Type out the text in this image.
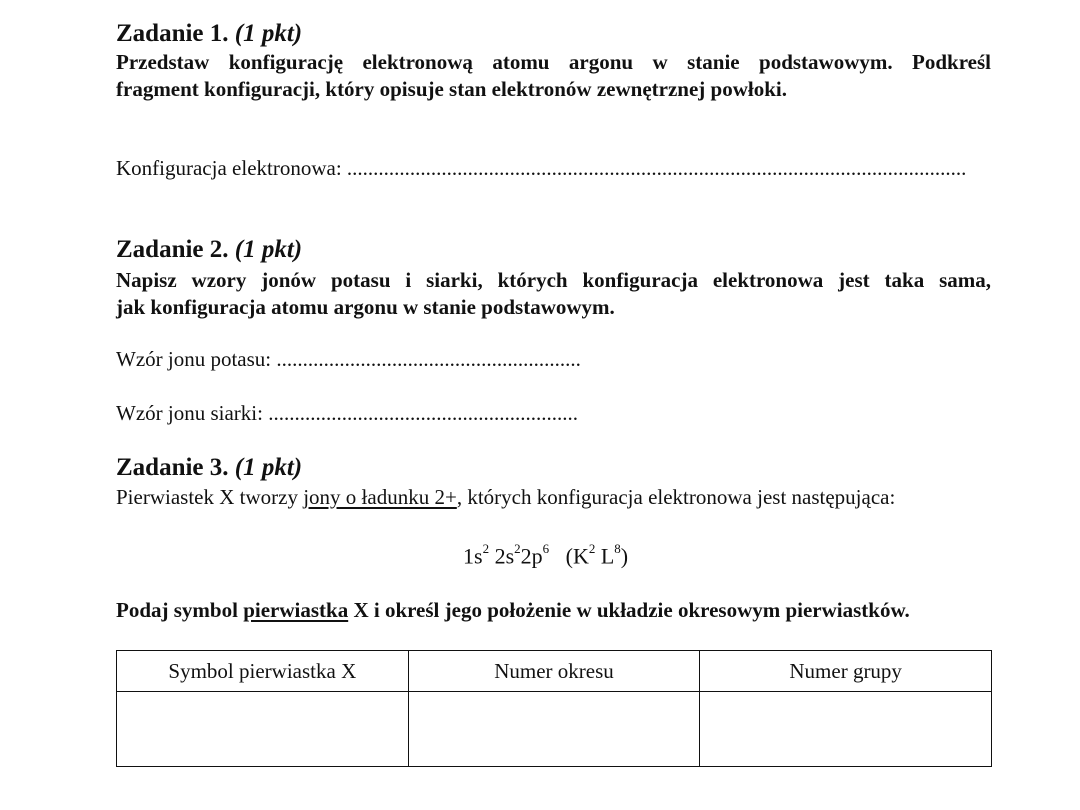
Zadanie 1. (1 pkt)
Przedstaw konfigurację elektronową atomu argonu w stanie podstawowym. Podkreśl
fragment konfiguracji, który opisuje stan elektronów zewnętrznej powłoki.
Konfiguracja elektronowa: ......................................................................................................................
Zadanie 2. (1 pkt)
Napisz wzory jonów potasu i siarki, których konfiguracja elektronowa jest taka sama,
jak konfiguracja atomu argonu w stanie podstawowym.
Wzór jonu potasu: ..........................................................
Wzór jonu siarki: ...........................................................
Zadanie 3. (1 pkt)
Pierwiastek X tworzy jony o ładunku 2+, których konfiguracja elektronowa jest następująca:
$1s^2$ $2s^22p^6$   ($K^2$ $L^8$)
Podaj symbol pierwiastka X i określ jego położenie w układzie okresowym pierwiastków.
Symbol pierwiastka X	Numer okresu	Numer grupy
